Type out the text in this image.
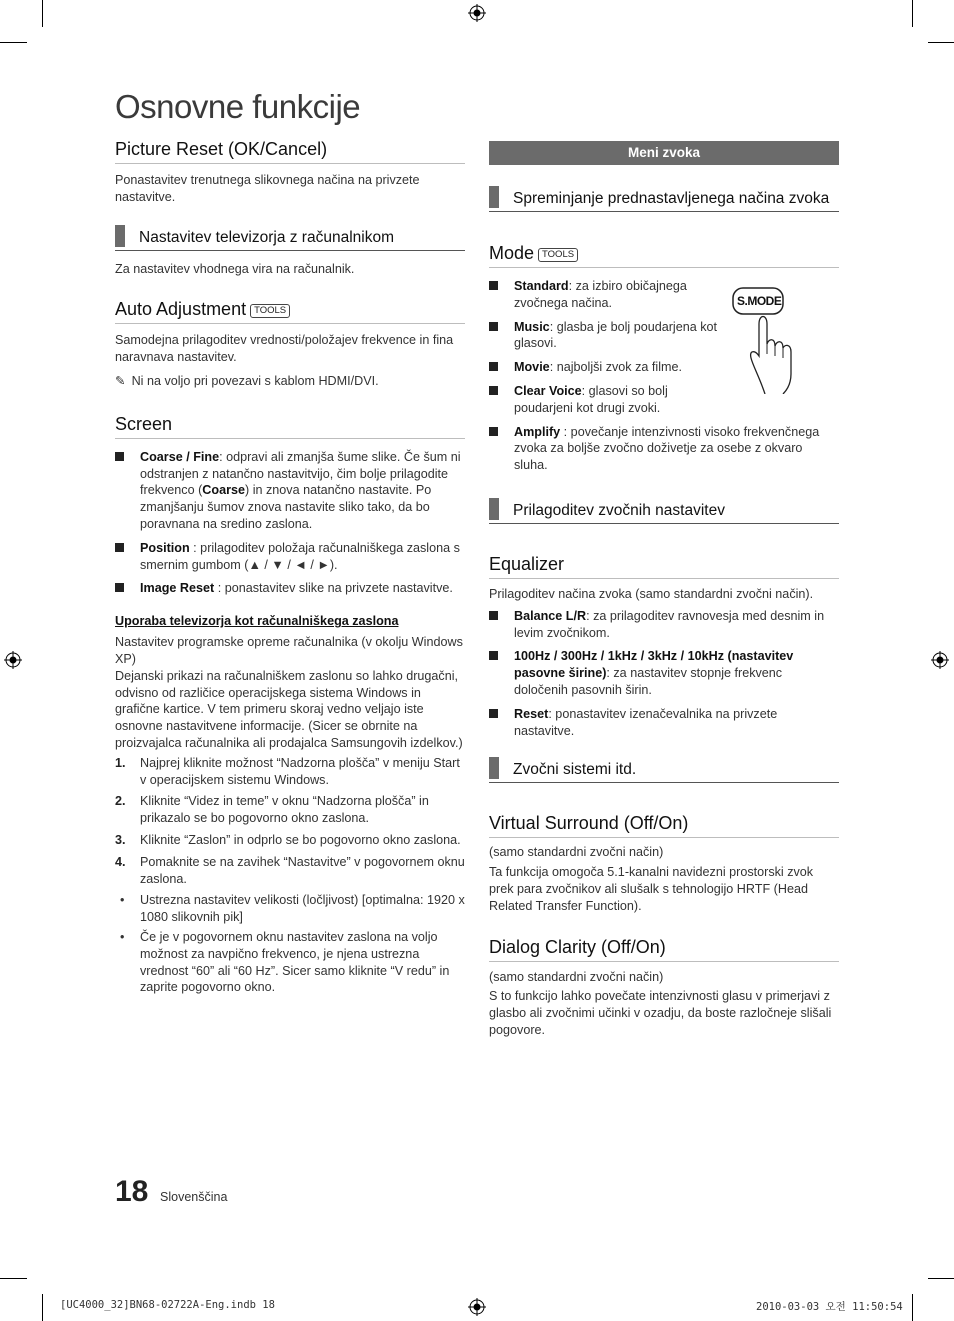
Osnovne funkcije
Picture Reset (OK/Cancel)

Ponastavitev trenutnega slikovnega načina na privzete nastavitve.

Nastavitev televizorja z računalnikom

Za nastavitev vhodnega vira na računalnik.

Auto Adjustment TOOLS

Samodejna prilagoditev vrednosti/položajev frekvence in fina naravnava nastavitev.

✎ Ni na voljo pri povezavi s kablom HDMI/DVI.

Screen
Coarse / Fine: odpravi ali zmanjša šume slike. Če šum ni odstranjen z natančno nastavitvijo, čim bolje prilagodite frekvenco (Coarse) in znova natančno nastavite. Po zmanjšanju šumov znova nastavite sliko tako, da bo poravnana na sredino zaslona.
Position : prilagoditev položaja računalniškega zaslona s smernim gumbom (▲ / ▼ / ◄ / ►).
Image Reset : ponastavitev slike na privzete nastavitve.
Uporaba televizorja kot računalniškega zaslona

Nastavitev programske opreme računalnika (v okolju Windows XP)

Dejanski prikazi na računalniškem zaslonu so lahko drugačni, odvisno od različice operacijskega sistema Windows in grafične kartice. V tem primeru skoraj vedno veljajo iste osnovne nastavitvene informacije. (Sicer se obrnite na proizvajalca računalnika ali prodajalca Samsungovih izdelkov.)

1. Najprej kliknite možnost “Nadzorna plošča” v meniju Start v operacijskem sistemu Windows.
2. Kliknite “Videz in teme” v oknu “Nadzorna plošča” in prikazalo se bo pogovorno okno zaslona.
3. Kliknite “Zaslon” in odprlo se bo pogovorno okno zaslona.
4. Pomaknite se na zavihek “Nastavitve” v pogovornem oknu zaslona.
• Ustrezna nastavitev velikosti (ločljivost) [optimalna: 1920 x 1080 slikovnih pik]
• Če je v pogovornem oknu nastavitev zaslona na voljo možnost za navpično frekvenco, je njena ustrezna vrednost “60” ali “60 Hz”. Sicer samo kliknite “V redu” in zaprite pogovorno okno.
Meni zvoka
Spreminjanje prednastavljenega načina zvoka
Mode TOOLS
S.MODE
Standard: za izbiro običajnega zvočnega načina.
Music: glasba je bolj poudarjena kot glasovi.
Movie: najboljši zvok za filme.
Clear Voice: glasovi so bolj poudarjeni kot drugi zvoki.
Amplify : povečanje intenzivnosti visoko frekvenčnega zvoka za boljše zvočno doživetje za osebe z okvaro sluha.
Prilagoditev zvočnih nastavitev
Equalizer

Prilagoditev načina zvoka (samo standardni zvočni način).

Balance L/R: za prilagoditev ravnovesja med desnim in levim zvočnikom.
100Hz / 300Hz / 1kHz / 3kHz / 10kHz (nastavitev pasovne širine): za nastavitev stopnje frekvenc določenih pasovnih širin.
Reset: ponastavitev izenačevalnika na privzete nastavitve.
Zvočni sistemi itd.
Virtual Surround (Off/On)

(samo standardni zvočni način)

Ta funkcija omogoča 5.1-kanalni navidezni prostorski zvok prek para zvočnikov ali slušalk s tehnologijo HRTF (Head Related Transfer Function).

Dialog Clarity (Off/On)

(samo standardni zvočni način)

S to funkcijo lahko povečate intenzivnosti glasu v primerjavi z glasbo ali zvočnimi učinki v ozadju, da boste razločneje slišali pogovore.

18 Slovenščina
[UC4000_32]BN68-02722A-Eng.indb 18	2010-03-03 오전 11:50:54
